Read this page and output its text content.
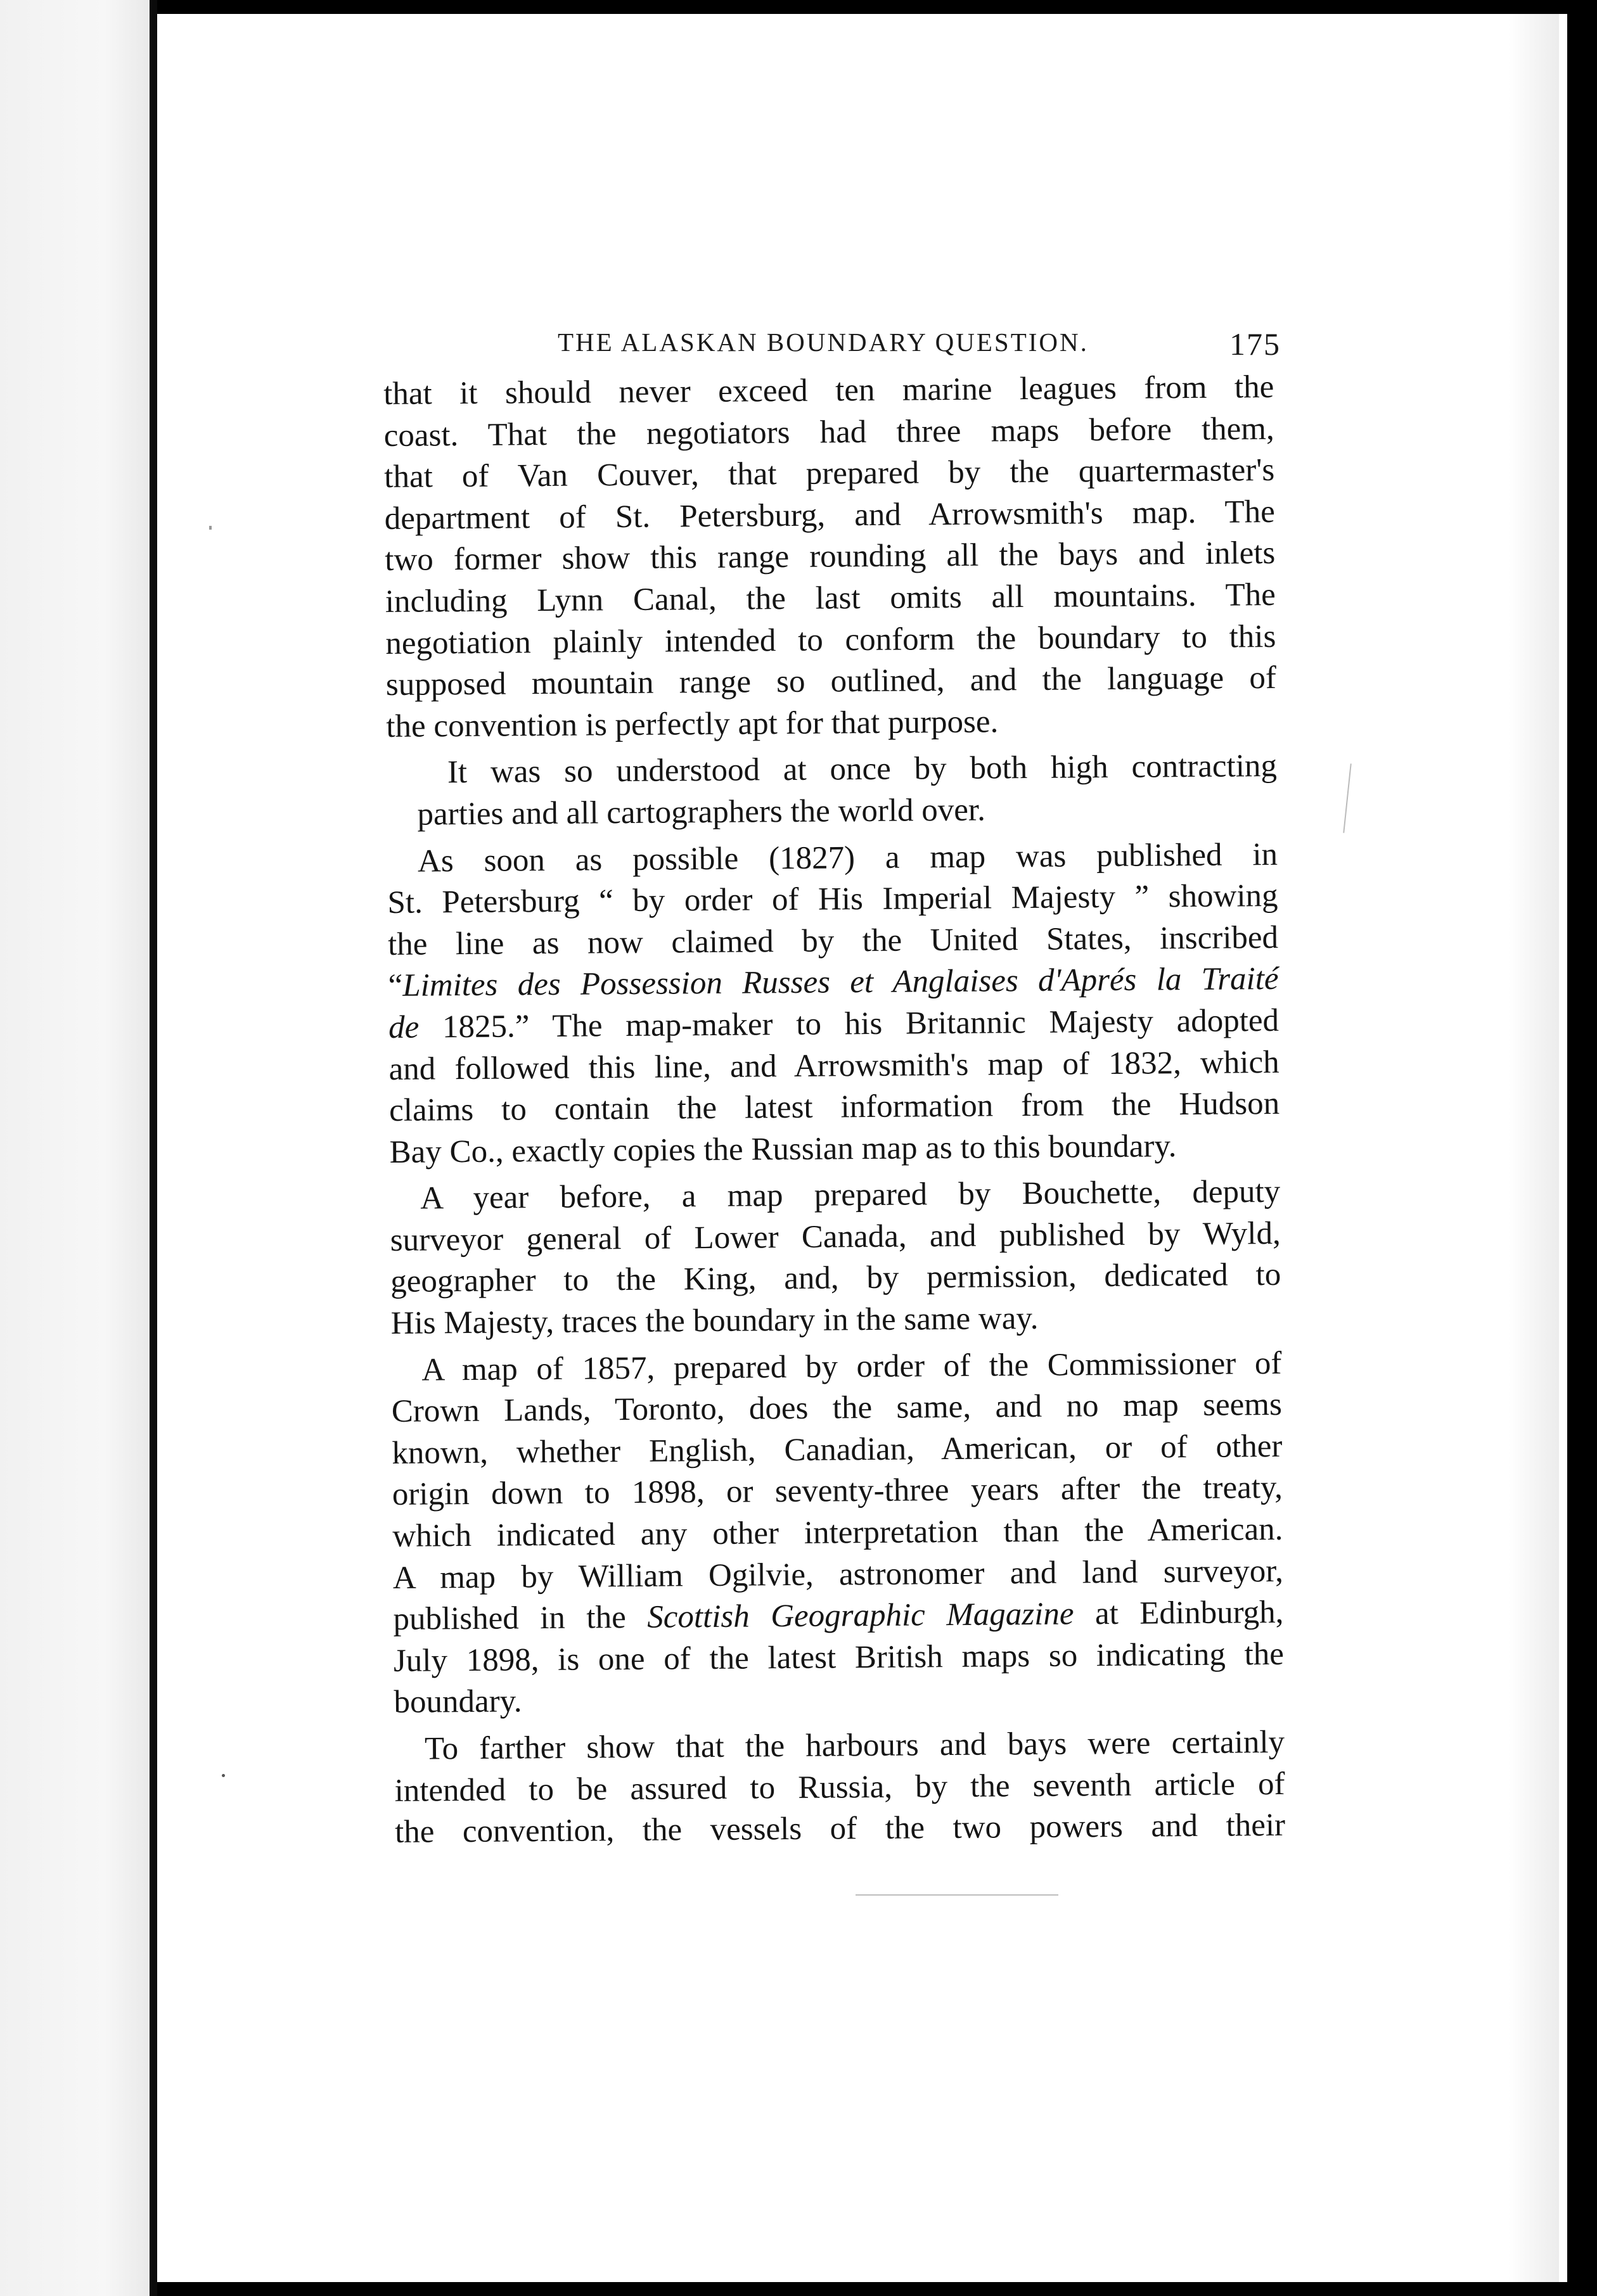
THE ALASKAN BOUNDARY QUESTION.	175

that it should never exceed ten marine leagues from the
coast. That the negotiators had three maps before them,
that of Van Couver, that prepared by the quartermaster's
department of St. Petersburg, and Arrowsmith's map. The
two former show this range rounding all the bays and inlets
including Lynn Canal, the last omits all mountains. The
negotiation plainly intended to conform the boundary to this
supposed mountain range so outlined, and the language of
the convention is perfectly apt for that purpose.

It was so understood at once by both high contracting
parties and all cartographers the world over.

As soon as possible (1827) a map was published in
St. Petersburg “ by order of His Imperial Majesty ” showing
the line as now claimed by the United States, inscribed
“Limites des Possession Russes et Anglaises d'Aprés la Traité
de 1825.” The map-maker to his Britannic Majesty adopted
and followed this line, and Arrowsmith's map of 1832, which
claims to contain the latest information from the Hudson
Bay Co., exactly copies the Russian map as to this boundary.

A year before, a map prepared by Bouchette, deputy
surveyor general of Lower Canada, and published by Wyld,
geographer to the King, and, by permission, dedicated to
His Majesty, traces the boundary in the same way.

A map of 1857, prepared by order of the Commissioner of
Crown Lands, Toronto, does the same, and no map seems
known, whether English, Canadian, American, or of other
origin down to 1898, or seventy-three years after the treaty,
which indicated any other interpretation than the American.
A map by William Ogilvie, astronomer and land surveyor,
published in the Scottish Geographic Magazine at Edinburgh,
July 1898, is one of the latest British maps so indicating the
boundary.

To farther show that the harbours and bays were certainly
intended to be assured to Russia, by the seventh article of
the convention, the vessels of the two powers and their
